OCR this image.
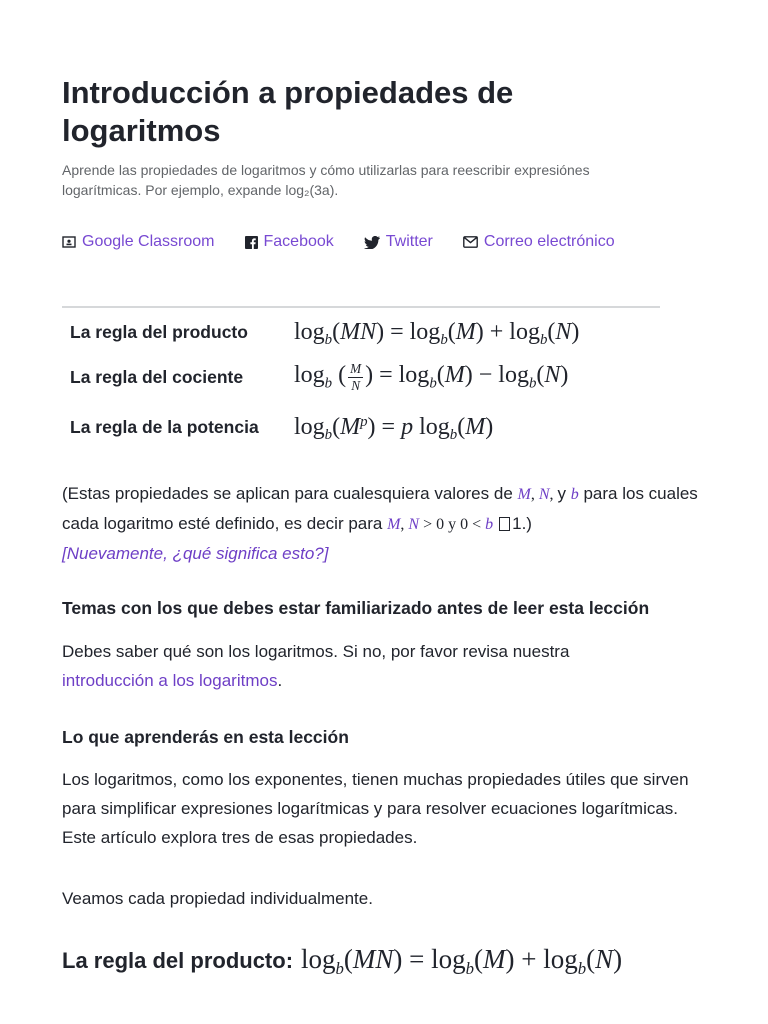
Introducción a propiedades de logaritmos

Aprende las propiedades de logaritmos y cómo utilizarlas para reescribir expresiónes logarítmicas. Por ejemplo, expande log₂(3a).

Google Classroom	Facebook	Twitter	Correo electrónico
La regla del producto	$\log_b(MN) = \log_b(M) + \log_b(N)$
La regla del cociente	$\log_b$ ( $\frac{M}{N}$ ) = $\log_b(M) - \log_b(N)$
La regla de la potencia	$\log_b(M^p) = p$ $\log_b(M)$

(Estas propiedades se aplican para cualesquiera valores de M, N, y b para los cuales cada logaritmo esté definido, es decir para M, N > 0 y 0 < b 1.)
[Nuevamente, ¿qué significa esto?]

Temas con los que debes estar familiarizado antes de leer esta lección

Debes saber qué son los logaritmos. Si no, por favor revisa nuestra introducción a los logaritmos.

Lo que aprenderás en esta lección

Los logaritmos, como los exponentes, tienen muchas propiedades útiles que sirven para simplificar expresiones logarítmicas y para resolver ecuaciones logarítmicas. Este artículo explora tres de esas propiedades.

Veamos cada propiedad individualmente.

La regla del producto: $\log_b(MN) = \log_b(M) + \log_b(N)$
